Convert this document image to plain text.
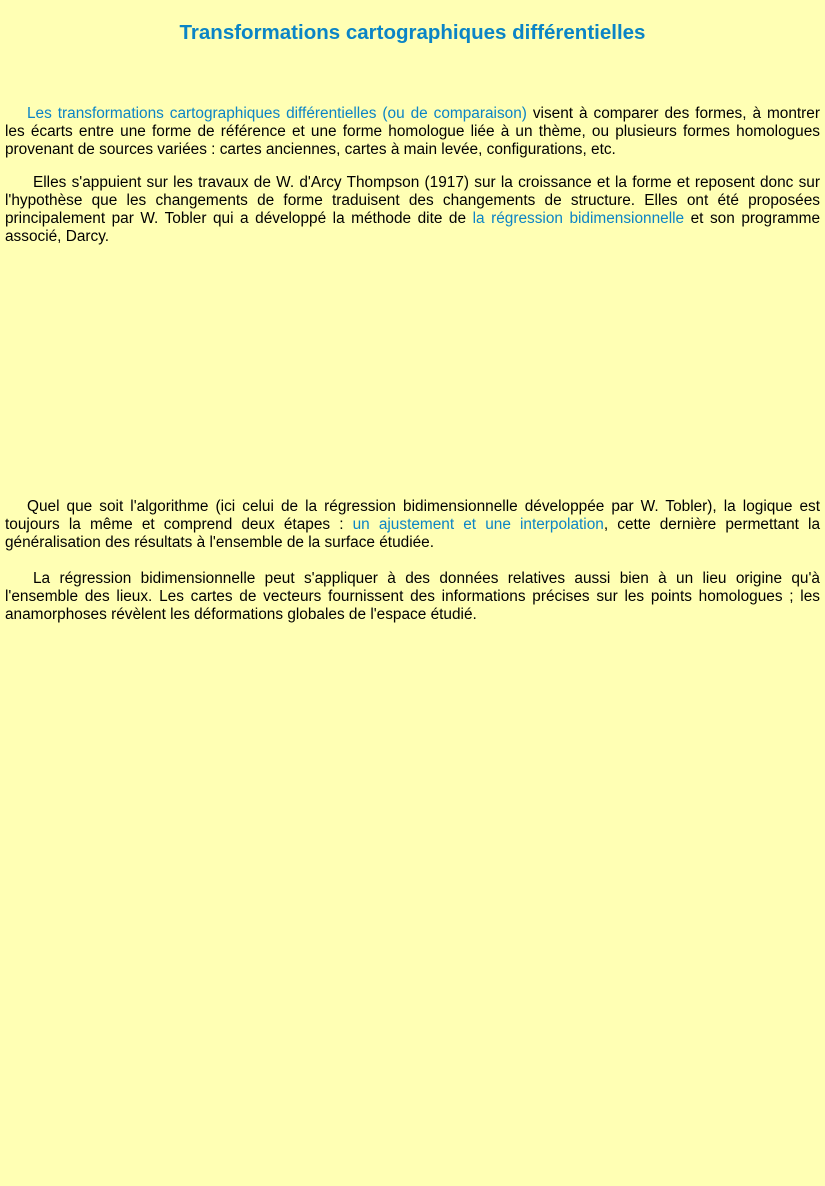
Transformations cartographiques différentielles

Les transformations cartographiques différentielles (ou de comparaison) visent à comparer des formes, à montrer les écarts entre une forme de référence et une forme homologue liée à un thème, ou plusieurs formes homologues provenant de sources variées : cartes anciennes, cartes à main levée, configurations, etc.

Elles s'appuient sur les travaux de W. d'Arcy Thompson (1917) sur la croissance et la forme et reposent donc sur l'hypothèse que les changements de forme traduisent des changements de structure. Elles ont été proposées principalement par W. Tobler qui a développé la méthode dite de la régression bidimensionnelle et son programme associé, Darcy.

Quel que soit l'algorithme (ici celui de la régression bidimensionnelle développée par W. Tobler), la logique est toujours la même et comprend deux étapes : un ajustement et une interpolation, cette dernière permettant la généralisation des résultats à l'ensemble de la surface étudiée.

La régression bidimensionnelle peut s'appliquer à des données relatives aussi bien à un lieu origine qu'à l'ensemble des lieux. Les cartes de vecteurs fournissent des informations précises sur les points homologues ; les anamorphoses révèlent les déformations globales de l'espace étudié.
